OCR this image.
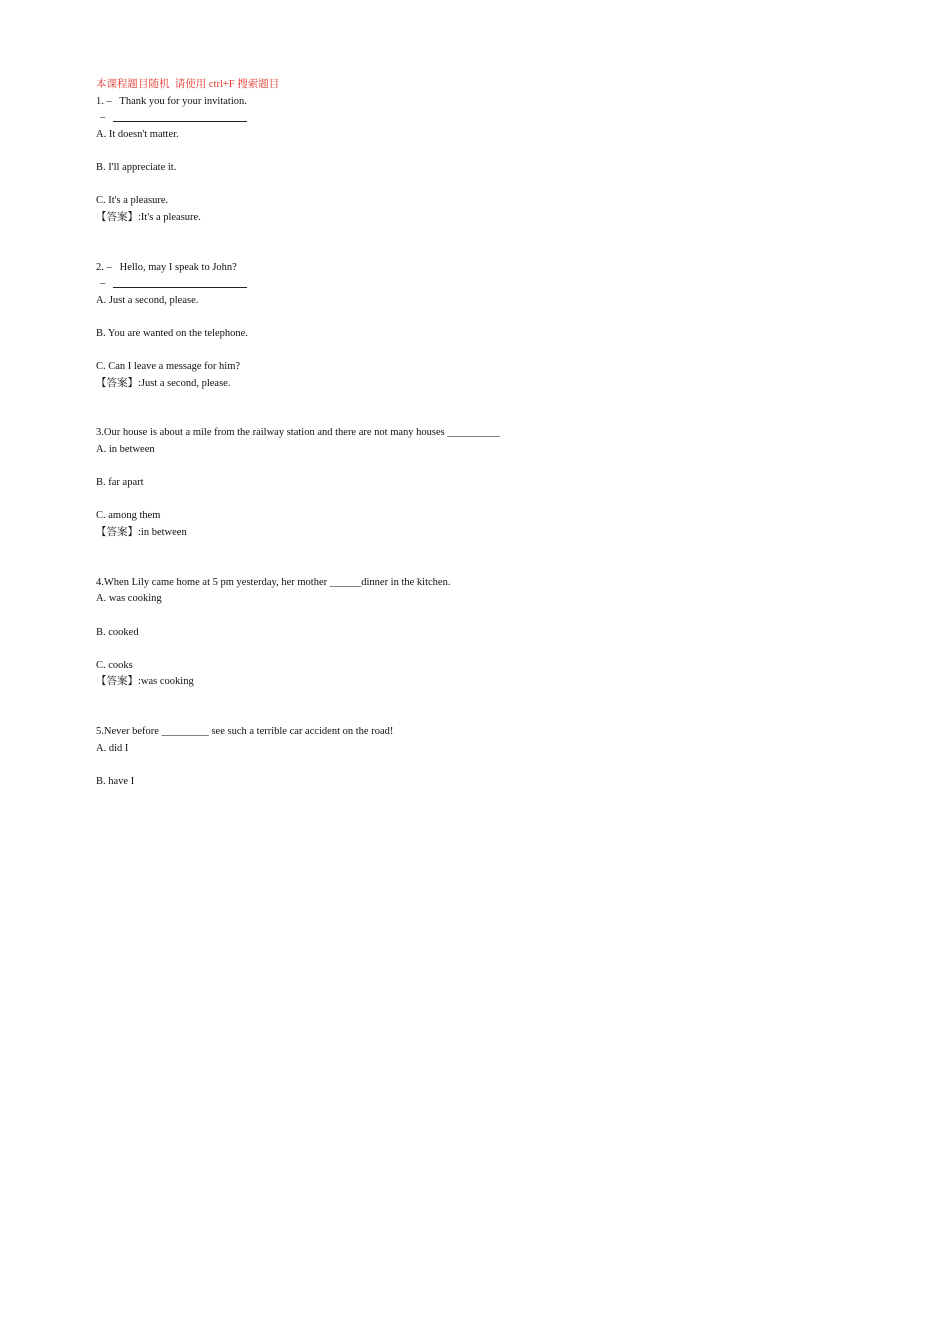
本课程题目随机  请使用 ctrl+F 搜索题目
1. –   Thank you for your invitation.
–
A. It doesn't matter.
B. I'll appreciate it.
C. It's a pleasure.
【答案】:It's a pleasure.
2. –   Hello, may I speak to John?
–
A. Just a second, please.
B. You are wanted on the telephone.
C. Can I leave a message for him?
【答案】:Just a second, please.
3.Our house is about a mile from the railway station and there are not many houses __________
A. in between
B. far apart
C. among them
【答案】:in between
4.When Lily came home at 5 pm yesterday, her mother ______dinner in the kitchen.
A. was cooking
B. cooked
C. cooks
【答案】:was cooking
5.Never before _________ see such a terrible car accident on the road!
A. did I
B. have I
